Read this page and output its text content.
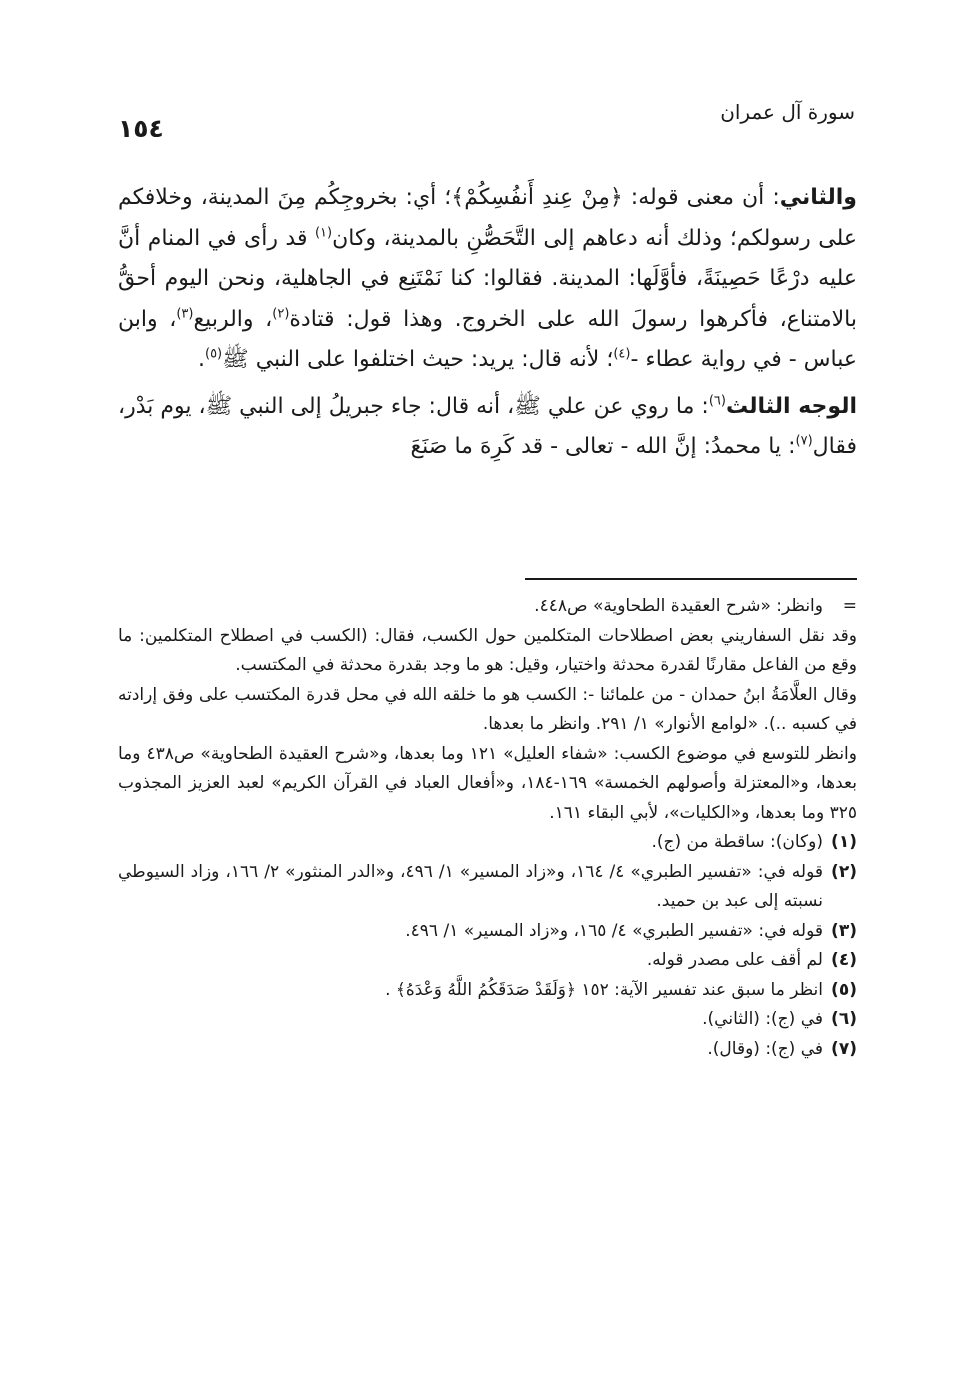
١٥٤
سورة آل عمران

والثاني: أن معنى قوله: ﴿مِنْ عِندِ أَنفُسِكُمْ﴾؛ أي: بخروجِكُم مِنَ المدينة، وخلافكم على رسولكم؛ وذلك أنه دعاهم إلى التَّحَصُّنِ بالمدينة، وكان$^{(١)}$ قد رأى في المنام أنَّ عليه درْعًا حَصِينَةً، فأوَّلَها: المدينة. فقالوا: كنا نَمْتَنِع في الجاهلية، ونحن اليوم أحقُّ بالامتناع، فأكرهوا رسولَ الله على الخروج. وهذا قول: قتادة$^{(٢)}$، والربيع$^{(٣)}$، وابن عباس - في رواية عطاء -$^{(٤)}$؛ لأنه قال: يريد: حيث اختلفوا على النبي ﷺ$^{(٥)}$.

الوجه الثالث$^{(٦)}$: ما روي عن علي ﷺ، أنه قال: جاء جبريلُ إلى النبي ﷺ، يوم بَدْر، فقال$^{(٧)}$: يا محمدُ: إنَّ الله - تعالى - قد كَرِهَ ما صَنَعَ

=

وانظر: «شرح العقيدة الطحاوية» ص٤٤٨.

وقد نقل السفاريني بعض اصطلاحات المتكلمين حول الكسب، فقال: (الكسب في اصطلاح المتكلمين: ما وقع من الفاعل مقارنًا لقدرة محدثة واختيار، وقيل: هو ما وجد بقدرة محدثة في المكتسب.

وقال العلَّامَةُ ابنُ حمدان - من علمائنا -: الكسب هو ما خلقه الله في محل قدرة المكتسب على وفق إرادته في كسبه ..). «لوامع الأنوار» ١/ ٢٩١. وانظر ما بعدها.

وانظر للتوسع في موضوع الكسب: «شفاء العليل» ١٢١ وما بعدها، و«شرح العقيدة الطحاوية» ص٤٣٨ وما بعدها، و«المعتزلة وأصولهم الخمسة» ١٦٩-١٨٤، و«أفعال العباد في القرآن الكريم» لعبد العزيز المجذوب ٣٢٥ وما بعدها، و«الكليات»، لأبي البقاء ١٦١.

(١)
(وكان): ساقطة من (ج).
(٢)
قوله في: «تفسير الطبري» ٤/ ١٦٤، و«زاد المسير» ١/ ٤٩٦، و«الدر المنثور» ٢/ ١٦٦، وزاد السيوطي نسبته إلى عبد بن حميد.
(٣)
قوله في: «تفسير الطبري» ٤/ ١٦٥، و«زاد المسير» ١/ ٤٩٦.
(٤)
لم أقف على مصدر قوله.
(٥)
انظر ما سبق عند تفسير الآية: ١٥٢ ﴿وَلَقَدْ صَدَقَكُمُ اللَّهُ وَعْدَهُ﴾ .
(٦)
في (ج): (الثاني).
(٧)
في (ج): (وقال).
